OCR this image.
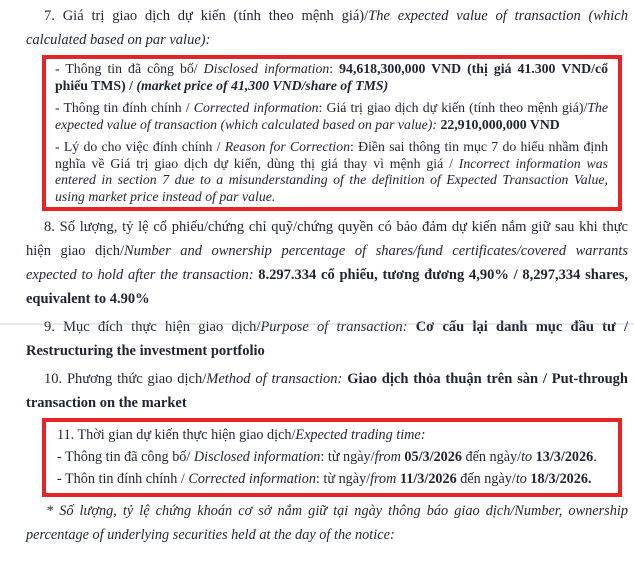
7. Giá trị giao dịch dự kiến (tính theo mệnh giá)/The expected value of transaction (which calculated based on par value):

- Thông tin đã công bố/ Disclosed information: 94,618,300,000 VND (thị giá 41.300 VND/cổ phiếu TMS) / (market price of 41,300 VND/share of TMS)

- Thông tin đính chính / Corrected information: Giá trị giao dịch dự kiến (tính theo mệnh giá)/The expected value of transaction (which calculated based on par value): 22,910,000,000 VND

- Lý do cho việc đính chính / Reason for Correction: Điền sai thông tin mục 7 do hiểu nhầm định nghĩa về Giá trị giao dịch dự kiến, dùng thị giá thay vì mệnh giá / Incorrect information was entered in section 7 due to a misunderstanding of the definition of Expected Transaction Value, using market price instead of par value.

8. Số lượng, tỷ lệ cổ phiếu/chứng chỉ quỹ/chứng quyền có bảo đảm dự kiến nắm giữ sau khi thực hiện giao dịch/Number and ownership percentage of shares/fund certificates/covered warrants expected to hold after the transaction: 8.297.334 cổ phiếu, tương đương 4,90% / 8,297,334 shares, equivalent to 4.90%

9. Mục đích thực hiện giao dịch/Purpose of transaction: Cơ cấu lại danh mục đầu tư / Restructuring the investment portfolio

10. Phương thức giao dịch/Method of transaction: Giao dịch thỏa thuận trên sàn / Put-through transaction on the market

11. Thời gian dự kiến thực hiện giao dịch/Expected trading time:

- Thông tin đã công bố/ Disclosed information: từ ngày/from 05/3/2026 đến ngày/to 13/3/2026.

- Thôn tin đính chính / Corrected information: từ ngày/from 11/3/2026 đến ngày/to 18/3/2026.

* Số lượng, tỷ lệ chứng khoán cơ sở nắm giữ tại ngày thông báo giao dịch/Number, ownership percentage of underlying securities held at the day of the notice:
